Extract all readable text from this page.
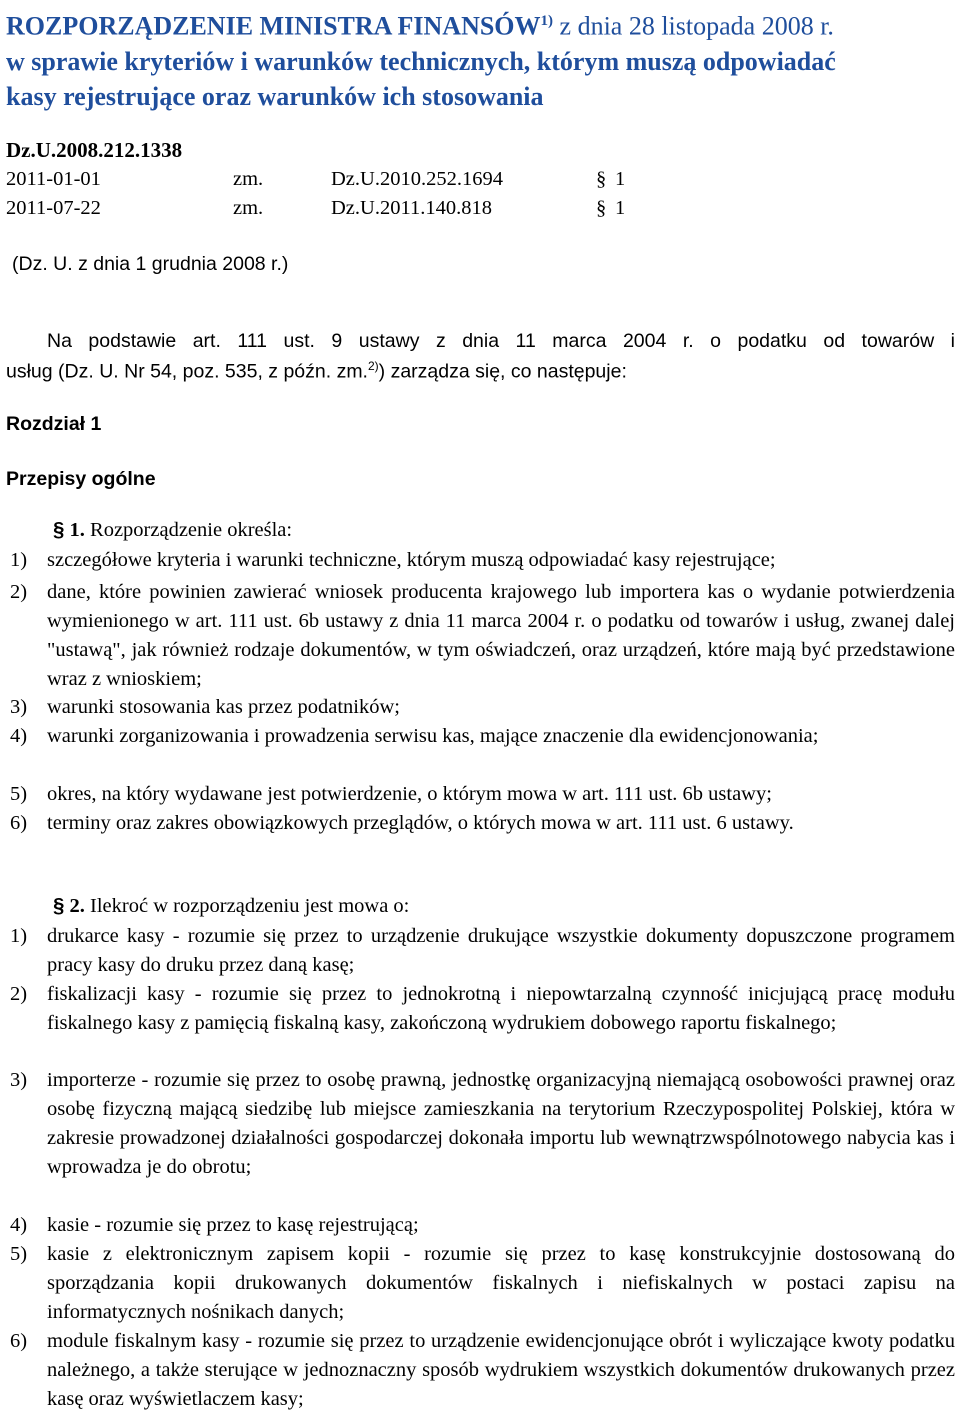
ROZPORZĄDZENIE MINISTRA FINANSÓW$^{1)}$ z dnia 28 listopada 2008 r.
w sprawie kryteriów i warunków technicznych, którym muszą odpowiadać
kasy rejestrujące oraz warunków ich stosowania
Dz.U.2008.212.1338
2011-01-01	zm.	Dz.U.2010.252.1694	§ 1
2011-07-22	zm.	Dz.U.2011.140.818	§ 1
(Dz. U. z dnia 1 grudnia 2008 r.)
Na podstawie art. 111 ust. 9 ustawy z dnia 11 marca 2004 r. o podatku od towarów i
usług (Dz. U. Nr 54, poz. 535, z późn. zm.$^{2)}$) zarządza się, co następuje:
Rozdział 1
Przepisy ogólne
§ 1. Rozporządzenie określa:
1) szczegółowe kryteria i warunki techniczne, którym muszą odpowiadać kasy rejestrujące;
2) dane, które powinien zawierać wniosek producenta krajowego lub importera kas o wydanie potwierdzenia wymienionego w art. 111 ust. 6b ustawy z dnia 11 marca 2004 r. o podatku od towarów i usług, zwanej dalej "ustawą", jak również rodzaje dokumentów, w tym oświadczeń, oraz urządzeń, które mają być przedstawione wraz z wnioskiem;
3) warunki stosowania kas przez podatników;
4) warunki zorganizowania i prowadzenia serwisu kas, mające znaczenie dla ewidencjonowania;
5) okres, na który wydawane jest potwierdzenie, o którym mowa w art. 111 ust. 6b ustawy;
6) terminy oraz zakres obowiązkowych przeglądów, o których mowa w art. 111 ust. 6 ustawy.
§ 2. Ilekroć w rozporządzeniu jest mowa o:
1) drukarce kasy - rozumie się przez to urządzenie drukujące wszystkie dokumenty dopuszczone programem pracy kasy do druku przez daną kasę;
2) fiskalizacji kasy - rozumie się przez to jednokrotną i niepowtarzalną czynność inicjującą pracę modułu fiskalnego kasy z pamięcią fiskalną kasy, zakończoną wydrukiem dobowego raportu fiskalnego;
3) importerze - rozumie się przez to osobę prawną, jednostkę organizacyjną niemającą osobowości prawnej oraz osobę fizyczną mającą siedzibę lub miejsce zamieszkania na terytorium Rzeczypospolitej Polskiej, która w zakresie prowadzonej działalności gospodarczej dokonała importu lub wewnątrzwspólnotowego nabycia kas i wprowadza je do obrotu;
4) kasie - rozumie się przez to kasę rejestrującą;
5) kasie z elektronicznym zapisem kopii - rozumie się przez to kasę konstrukcyjnie dostosowaną do sporządzania kopii drukowanych dokumentów fiskalnych i niefiskalnych w postaci zapisu na informatycznych nośnikach danych;
6) module fiskalnym kasy - rozumie się przez to urządzenie ewidencjonujące obrót i wyliczające kwoty podatku należnego, a także sterujące w jednoznaczny sposób wydrukiem wszystkich dokumentów drukowanych przez kasę oraz wyświetlaczem kasy;
